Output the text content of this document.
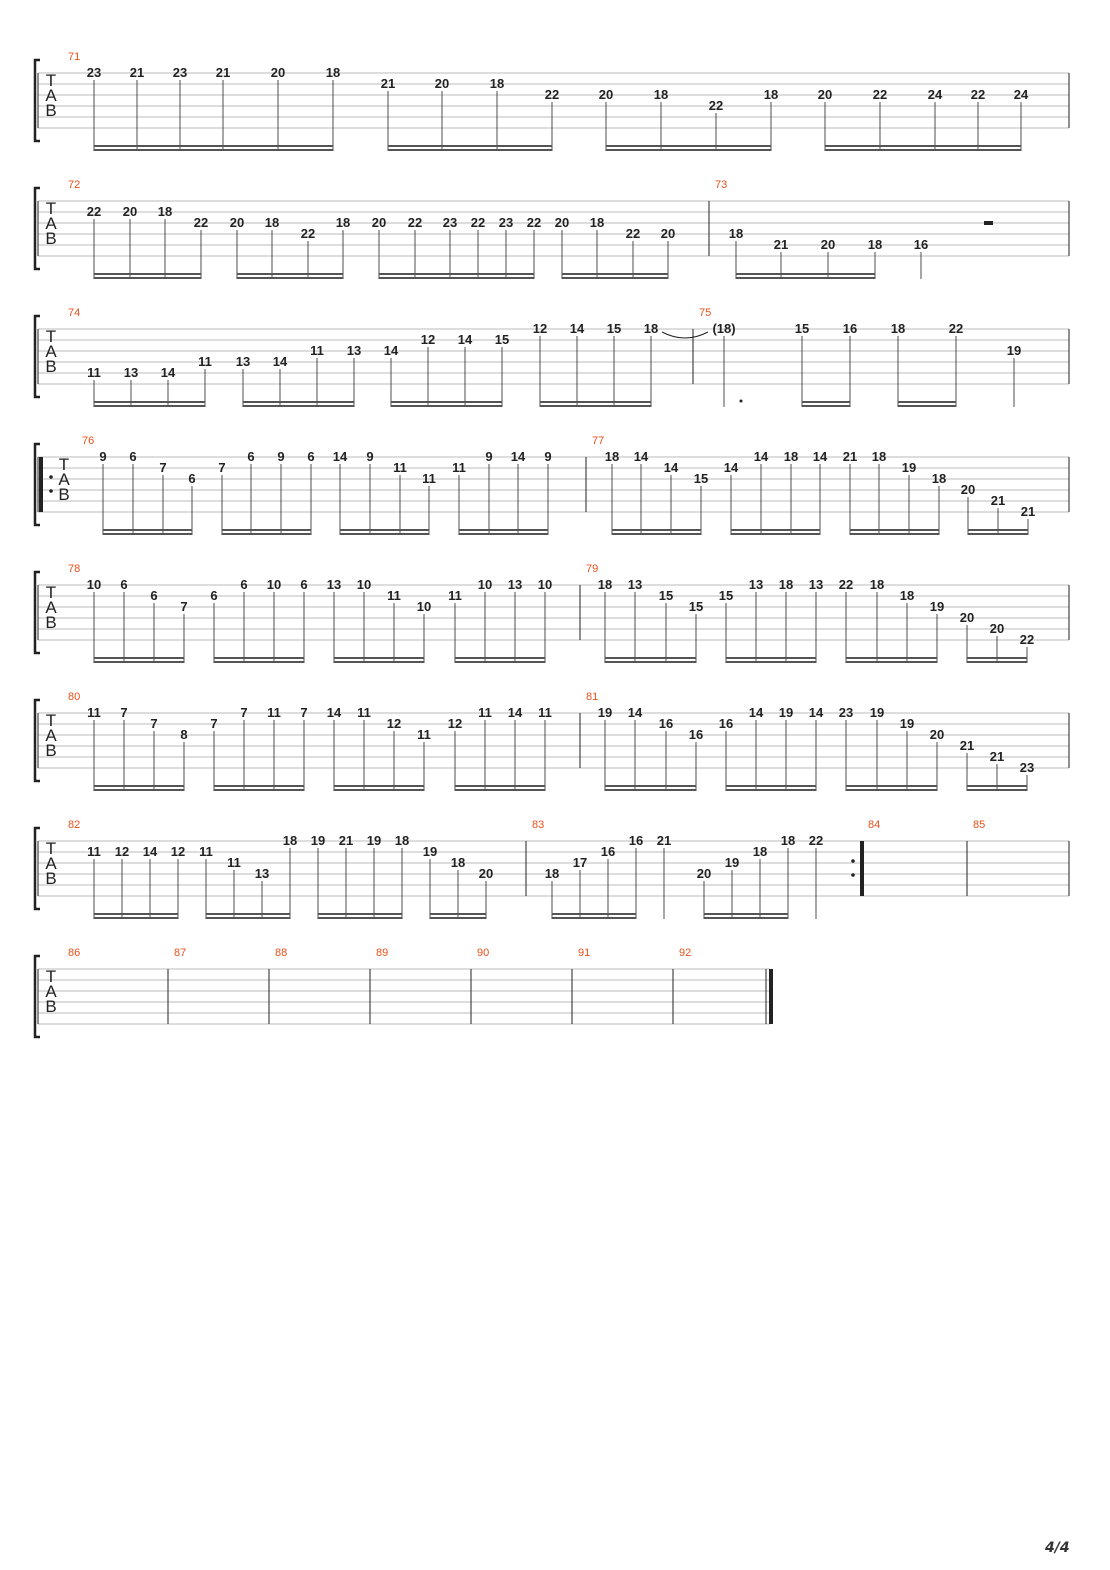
T
A
B
71
23 21 23 21	20	18
21	20	18
22	20	18
22
18	20	22	24 22 24
T
A
B
72
22 20 18
22 20 18
22
18 20 22 23 22 23 22 20 18
22 20
73
18
21	20	18 16
T
A
B
74
11 13 14
11 13 14
11 13 14
12 14 15
12 14 15 18
75
(18)	15	16	18	22
19
T
A
B
76
9 6
7
6
7
6 9 6 14 9
11
11
11
9 14 9
77
18 14
14
15
14
14 18 14 21 18
19
18
20
21
21
T
A
B
78
10 6
6
7
6
6 10 6 13 10
11
10
11
10 13 10
79
18 13
15
15
15
13 18 13 22 18
18
19
20
20
22
T
A
B
80
11 7
7
8
7
7 11 7 14 11
12
11
12
11 14 11
81
19 14
16
16
16
14 19 14 23 19
19
20
21
21
23
T
A
B
82
11 12 14 12 11
11
13
18 19 21 19 18
19
18
20
83
18
17
16
16 21
20
19
18
18 22
84	85
T
A
B
86	87	88	89	90	91	92
4/4
